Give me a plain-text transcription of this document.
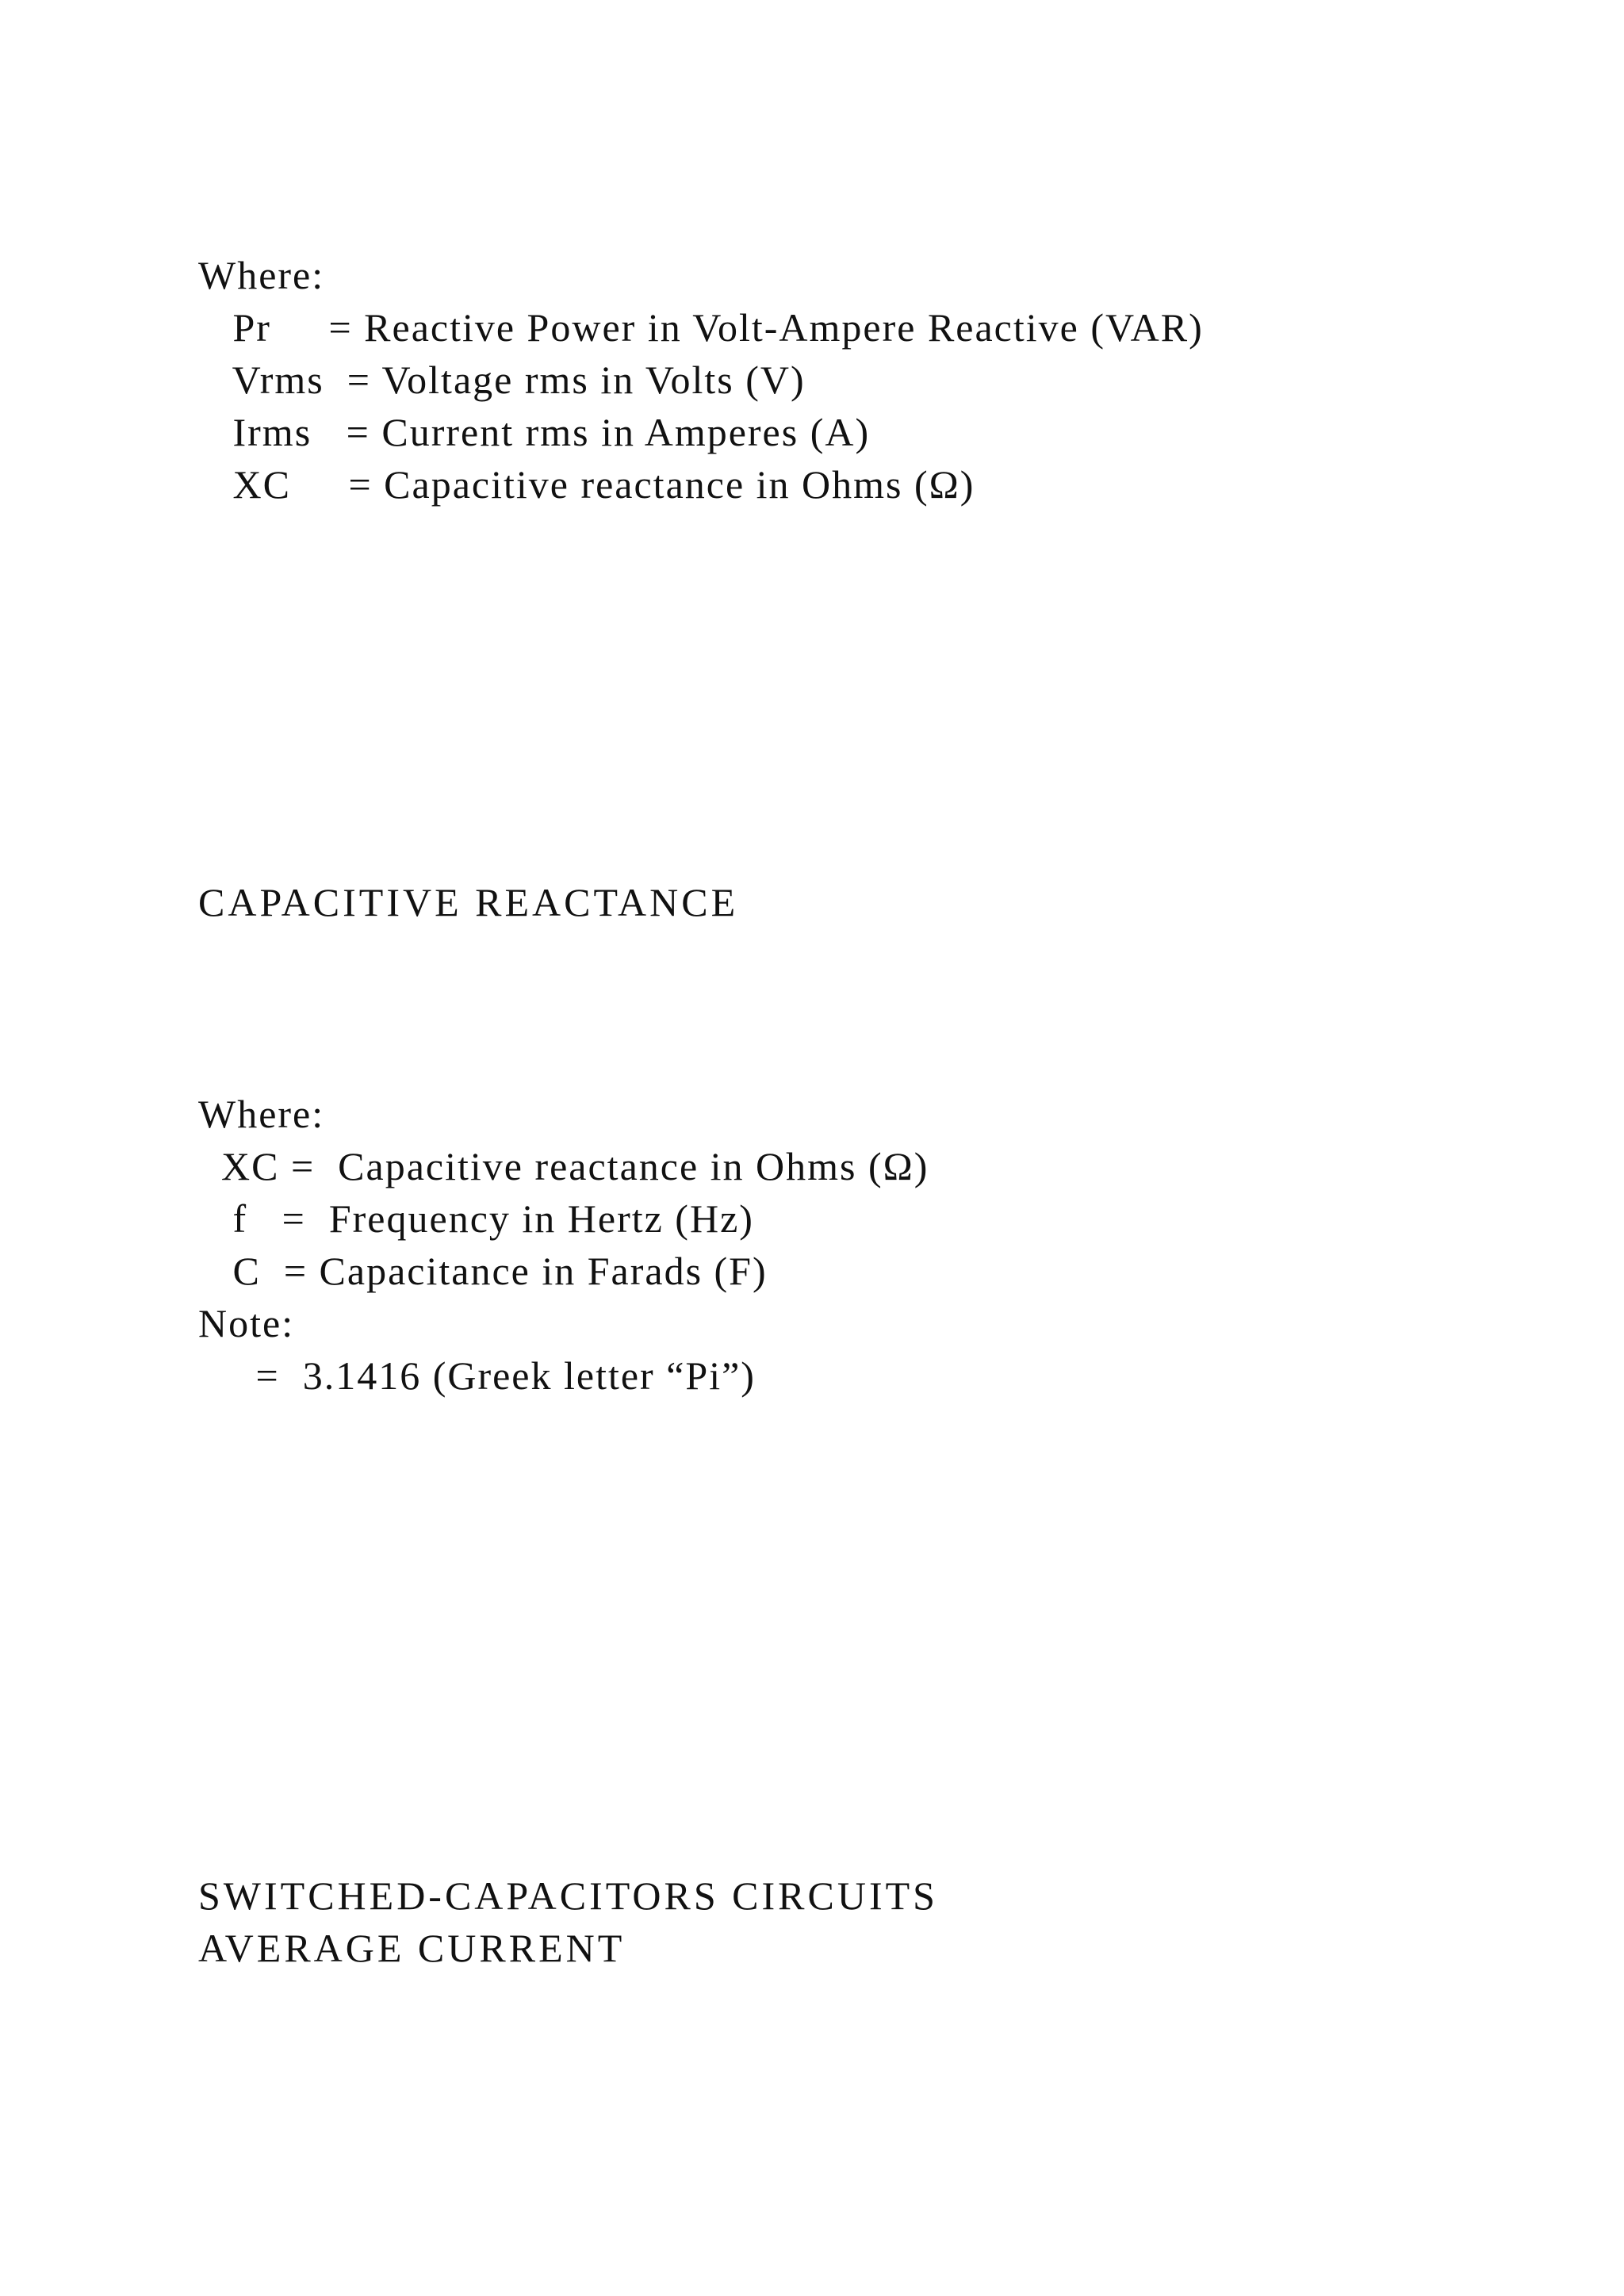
Where:
Pr     = Reactive Power in Volt-Ampere Reactive (VAR)
Vrms  = Voltage rms in Volts (V)
Irms   = Current rms in Amperes (A)
XC     = Capacitive reactance in Ohms (Ω)
CAPACITIVE REACTANCE
Where:
XC =  Capacitive reactance in Ohms (Ω)
f   =  Frequency in Hertz (Hz)
C  = Capacitance in Farads (F)
Note:
=  3.1416 (Greek letter “Pi”)
SWITCHED-CAPACITORS CIRCUITS
AVERAGE CURRENT
